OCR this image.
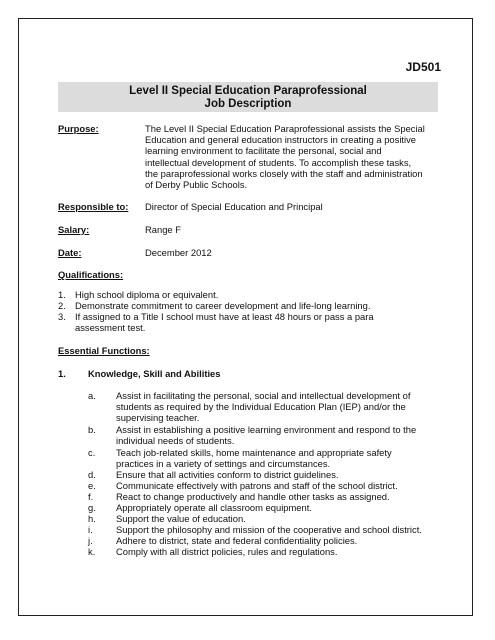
JD501
Level II Special Education Paraprofessional
Job Description
Purpose:	The Level II Special Education Paraprofessional assists the Special
Education and general education instructors in creating a positive
learning environment to facilitate the personal, social and
intellectual development of students. To accomplish these tasks,
the paraprofessional works closely with the staff and administration
of Derby Public Schools.
Responsible to: Director of Special Education and Principal
Salary:	Range F
Date:	December 2012
Qualifications:
1. High school diploma or equivalent.
2. Demonstrate commitment to career development and life-long learning.
3. If assigned to a Title I school must have at least 48 hours or pass a para
assessment test.
Essential Functions:
1. Knowledge, Skill and Abilities
a. Assist in facilitating the personal, social and intellectual development of
students as required by the Individual Education Plan (IEP) and/or the
supervising teacher.
b. Assist in establishing a positive learning environment and respond to the
individual needs of students.
c. Teach job-related skills, home maintenance and appropriate safety
practices in a variety of settings and circumstances.
d. Ensure that all activities conform to district guidelines.
e. Communicate effectively with patrons and staff of the school district.
f. React to change productively and handle other tasks as assigned.
g. Appropriately operate all classroom equipment.
h. Support the value of education.
i. Support the philosophy and mission of the cooperative and school district.
j. Adhere to district, state and federal confidentiality policies.
k. Comply with all district policies, rules and regulations.
